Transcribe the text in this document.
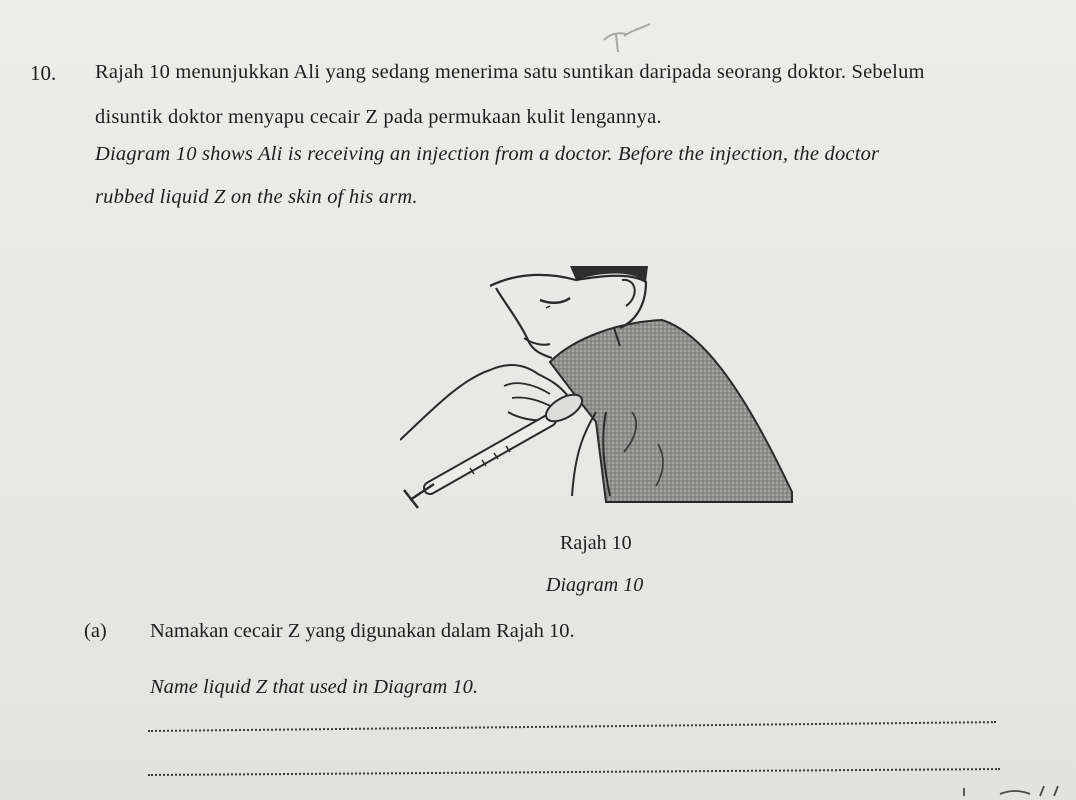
10. Rajah 10 menunjukkan Ali yang sedang menerima satu suntikan daripada seorang doktor. Sebelum
disuntik doktor menyapu cecair Z pada permukaan kulit lengannya.
Diagram 10 shows Ali is receiving an injection from a doctor. Before the injection, the doctor
rubbed liquid Z on the skin of his arm.
Rajah 10
Diagram 10
(a) Namakan cecair Z yang digunakan dalam Rajah 10.
Name liquid Z that used in Diagram 10.
